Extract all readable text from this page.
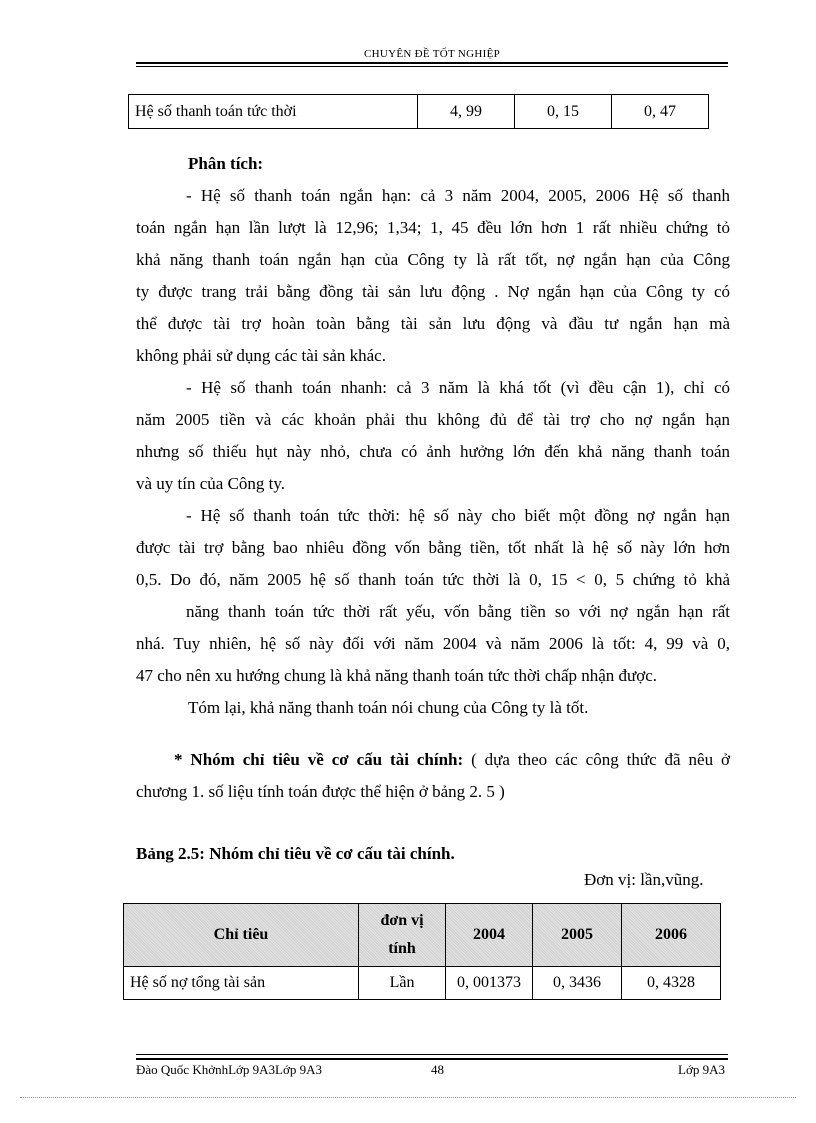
CHUYÊN ĐỀ TỐT NGHIỆP
Hệ số thanh toán tức thời	4, 99	0, 15	0, 47
Phân tích:
- Hệ số thanh toán ngắn hạn: cả 3 năm 2004, 2005, 2006 Hệ số thanh
toán ngắn hạn lần lượt là 12,96; 1,34; 1, 45 đều lớn hơn 1 rất nhiều chứng tỏ
khả năng thanh toán ngắn hạn của Công ty là rất tốt, nợ ngắn hạn của Công
ty được trang trải bằng đồng tài sản lưu động . Nợ ngắn hạn của Công ty có
thể được tài trợ hoàn toàn bằng tài sản lưu động và đầu tư ngắn hạn mà
không phải sử dụng các tài sản khác.
- Hệ số thanh toán nhanh: cả 3 năm là khá tốt (vì đều cận 1), chỉ có
năm 2005 tiền và các khoản phải thu không đủ để tài trợ cho nợ ngắn hạn
nhưng số thiếu hụt này nhỏ, chưa có ảnh hưởng lớn đến khả năng thanh toán
và uy tín của Công ty.
- Hệ số thanh toán tức thời: hệ số này cho biết một đồng nợ ngắn hạn
được tài trợ bằng bao nhiêu đồng vốn bằng tiền, tốt nhất là hệ số này lớn hơn
0,5. Do đó, năm 2005 hệ số thanh toán tức thời là 0, 15 < 0, 5 chứng tỏ khả
năng thanh toán tức thời rất yếu, vốn bằng tiền so với nợ ngắn hạn rất
nhá. Tuy nhiên, hệ số này đối với năm 2004 và năm 2006 là tốt: 4, 99 và 0,
47 cho nên xu hướng chung là khả năng thanh toán tức thời chấp nhận được.
Tóm lại, khả năng thanh toán nói chung của Công ty là tốt.
* Nhóm chỉ tiêu về cơ cấu tài chính: ( dựa theo các công thức đã nêu ở
chương 1. số liệu tính toán được thể hiện ở bảng 2. 5 )
Bảng 2.5: Nhóm chỉ tiêu về cơ cấu tài chính.
Đơn vị: lần,vũng.
Chỉ tiêu	đơn vị tính	2004	2005	2006
Hệ số nợ tổng tài sản	Lần	0, 001373	0, 3436	0, 4328
Đào Quốc KhởnhLớp 9A3Lớp 9A3	48	Lớp 9A3
